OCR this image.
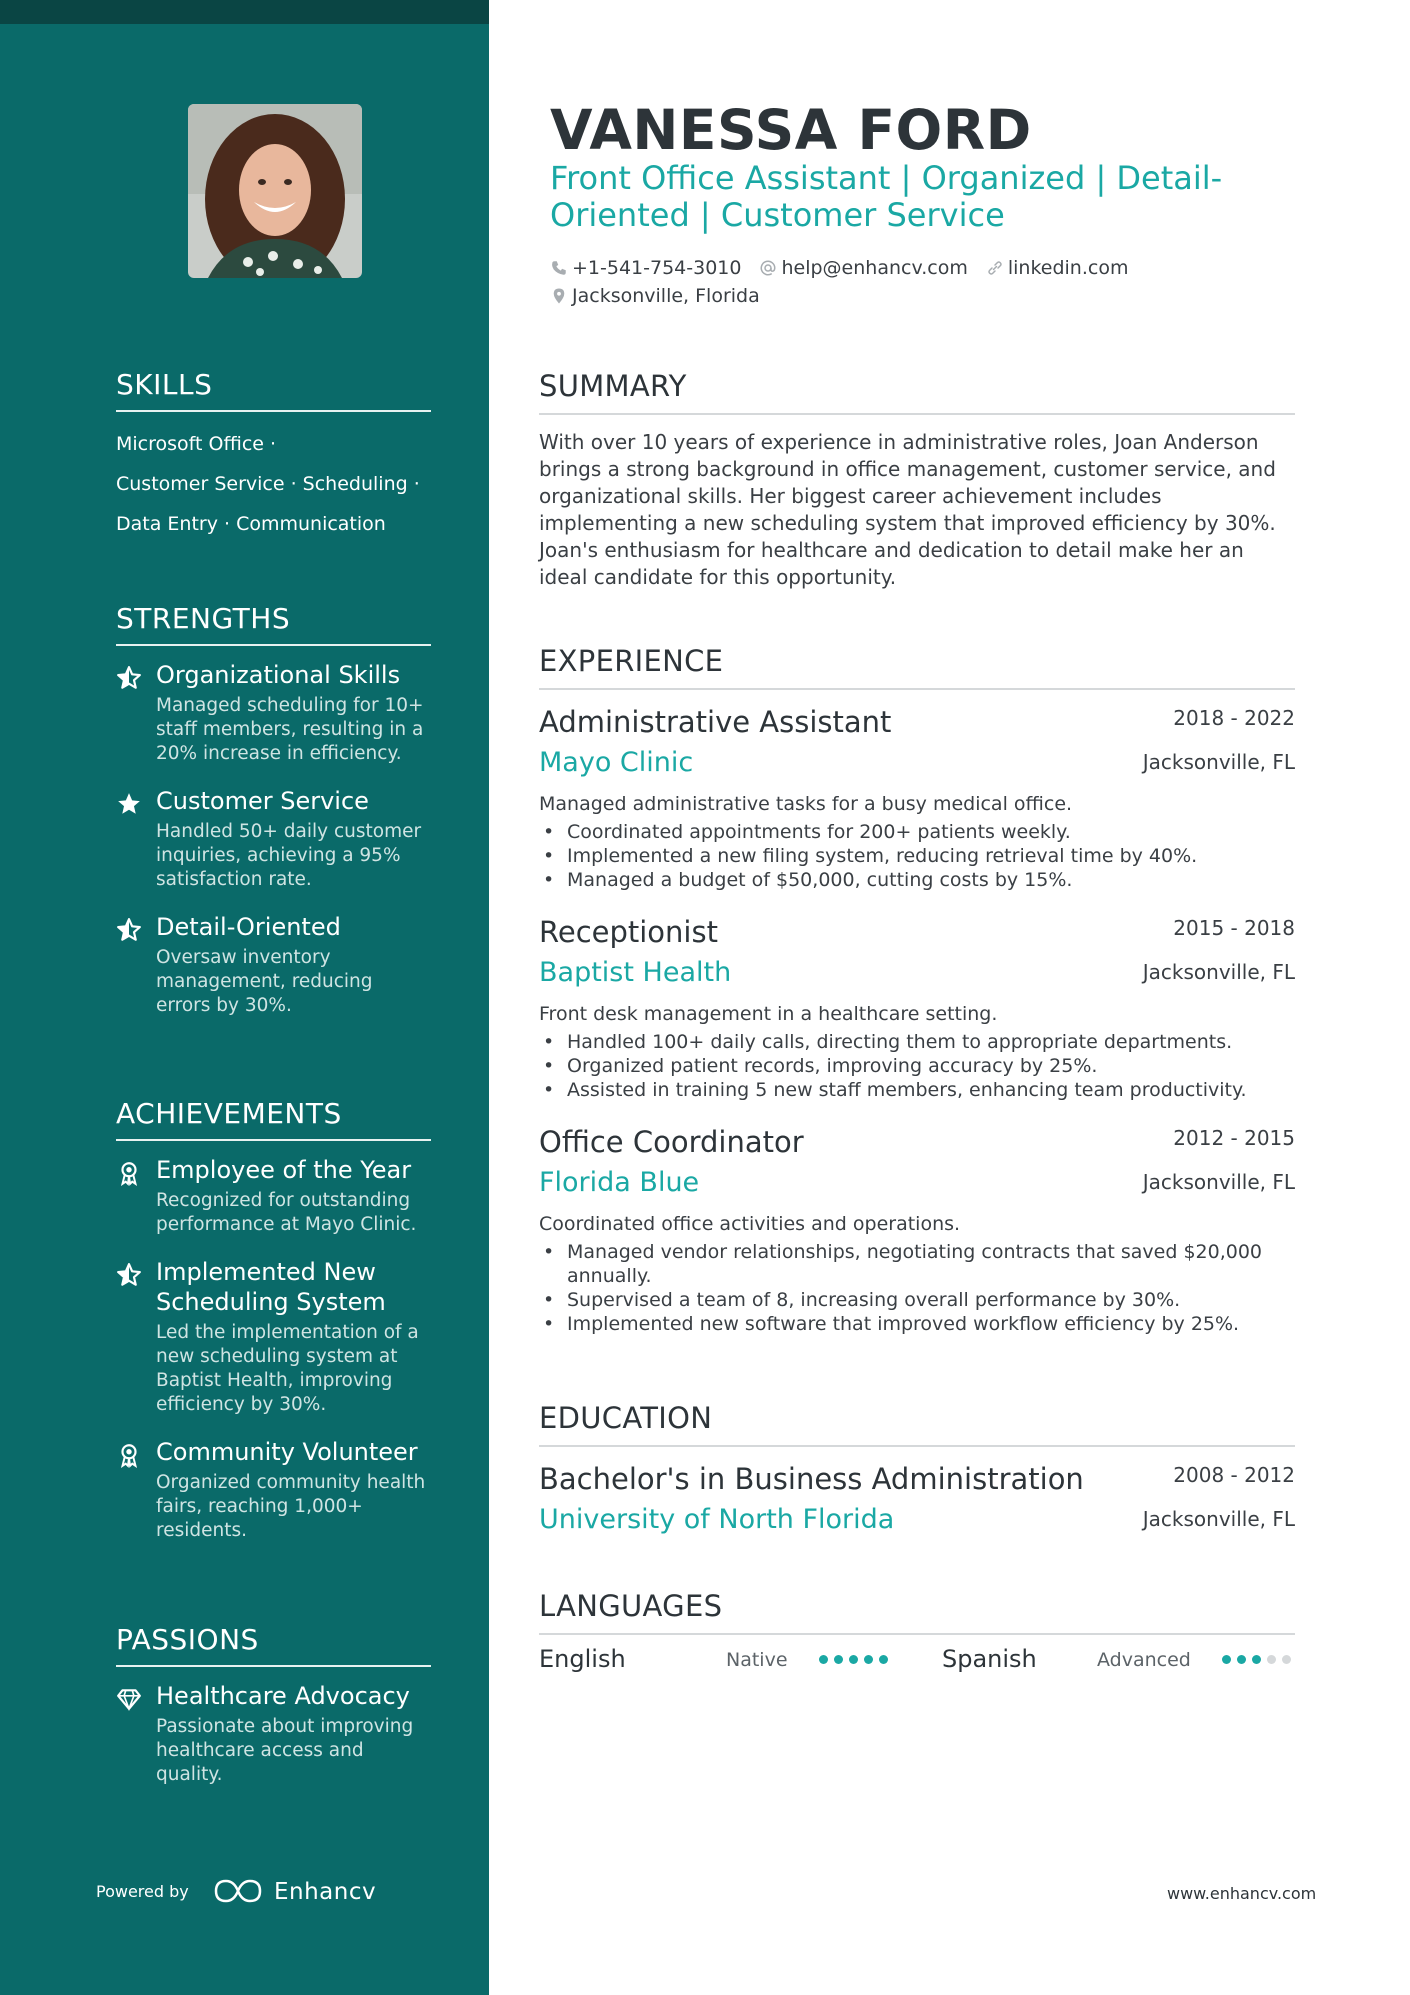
SKILLS

Microsoft Office ·

Customer Service · Scheduling ·

Data Entry · Communication

STRENGTHS

Organizational Skills

Managed scheduling for 10+ staff members, resulting in a 20% increase in efficiency.

Customer Service

Handled 50+ daily customer inquiries, achieving a 95% satisfaction rate.

Detail-Oriented

Oversaw inventory management, reducing errors by 30%.

ACHIEVEMENTS

Employee of the Year

Recognized for outstanding performance at Mayo Clinic.

Implemented New Scheduling System

Led the implementation of a new scheduling system at Baptist Health, improving efficiency by 30%.

Community Volunteer

Organized community health fairs, reaching 1,000+ residents.

PASSIONS

Healthcare Advocacy

Passionate about improving healthcare access and quality.

Powered by	Enhancv
VANESSA FORD

Front Office Assistant | Organized | Detail-Oriented | Customer Service

+1-541-754-3010 help@enhancv.com linkedin.com
Jacksonville, Florida
SUMMARY

With over 10 years of experience in administrative roles, Joan Anderson brings a strong background in office management, customer service, and organizational skills. Her biggest career achievement includes implementing a new scheduling system that improved efficiency by 30%. Joan's enthusiasm for healthcare and dedication to detail make her an ideal candidate for this opportunity.

EXPERIENCE

Administrative Assistant	2018 - 2022

Mayo Clinic	Jacksonville, FL

Managed administrative tasks for a busy medical office.

• Coordinated appointments for 200+ patients weekly.
• Implemented a new filing system, reducing retrieval time by 40%.
• Managed a budget of $50,000, cutting costs by 15%.

Receptionist	2015 - 2018

Baptist Health	Jacksonville, FL

Front desk management in a healthcare setting.

• Handled 100+ daily calls, directing them to appropriate departments.
• Organized patient records, improving accuracy by 25%.
• Assisted in training 5 new staff members, enhancing team productivity.

Office Coordinator	2012 - 2015

Florida Blue	Jacksonville, FL

Coordinated office activities and operations.

• Managed vendor relationships, negotiating contracts that saved $20,000 annually.
• Supervised a team of 8, increasing overall performance by 30%.
• Implemented new software that improved workflow efficiency by 25%.
EDUCATION

Bachelor's in Business Administration	2008 - 2012

University of North Florida	Jacksonville, FL
LANGUAGES
English	Native	Spanish	Advanced
www.enhancv.com
